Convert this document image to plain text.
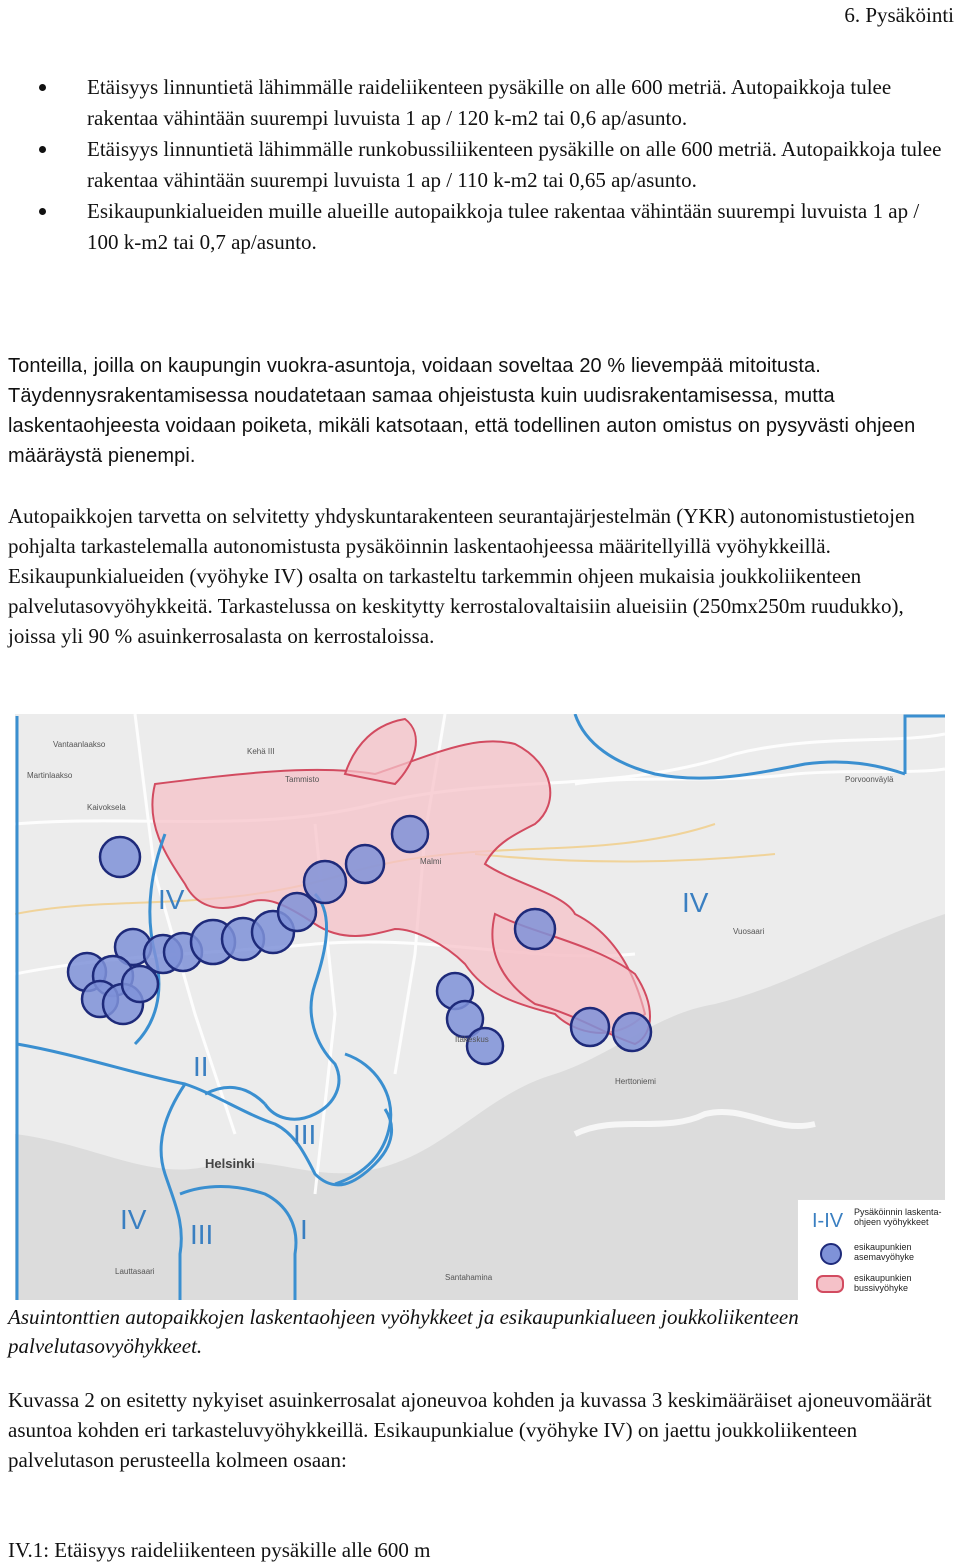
6. Pysäköinti
Etäisyys linnuntietä lähimmälle raideliikenteen pysäkille on alle 600 metriä. Autopaikkoja tulee rakentaa vähintään suurempi luvuista 1 ap / 120 k-m2 tai 0,6 ap/asunto.
Etäisyys linnuntietä lähimmälle runkobussiliikenteen pysäkille on alle 600 metriä. Autopaikkoja tulee rakentaa vähintään suurempi luvuista 1 ap / 110 k-m2 tai 0,65 ap/asunto.
Esikaupunkialueiden muille alueille autopaikkoja tulee rakentaa vähintään suurempi luvuista 1 ap / 100 k-m2 tai 0,7 ap/asunto.

Tonteilla, joilla on kaupungin vuokra-asuntoja, voidaan soveltaa 20 % lievempää mitoitusta. Täydennysrakentamisessa noudatetaan samaa ohjeistusta kuin uudisrakentamisessa, mutta laskentaohjeesta voidaan poiketa, mikäli katsotaan, että todellinen auton omistus on pysyvästi ohjeen määräystä pienempi.

Autopaikkojen tarvetta on selvitetty yhdyskuntarakenteen seurantajärjestelmän (YKR) autonomistustietojen pohjalta tarkastelemalla autonomistusta pysäköinnin laskentaohjeessa määritellyillä vyöhykkeillä. Esikaupunkialueiden (vyöhyke IV) osalta on tarkasteltu tarkemmin ohjeen mukaisia joukkoliikenteen palvelutasovyöhykkeitä. Tarkastelussa on keskitytty kerrostalovaltaisiin alueisiin (250mx250m ruudukko), joissa yli 90 % asuinkerrosalasta on kerrostaloissa.

Vantaanlaakso
Martinlaakso
Kaivoksela
Tammisto
Malmi
Itäkeskus
Vuosaari
Herttoniemi
Lauttasaari
Santahamina
Porvoonväylä
Kehä III
Helsinki
IV	IV
II
III
IV III	I	I-IV Pysäköinnin laskenta-ohjeen vyöhykkeet
esikaupunkien asemavyöhyke
esikaupunkien bussivyöhyke

Asuintonttien autopaikkojen laskentaohjeen vyöhykkeet ja esikaupunkialueen joukkoliikenteen palvelutasovyöhykkeet.

Kuvassa 2 on esitetty nykyiset asuinkerrosalat ajoneuvoa kohden ja kuvassa 3 keskimääräiset ajoneuvomäärät asuntoa kohden eri tarkasteluvyöhykkeillä. Esikaupunkialue (vyöhyke IV) on jaettu joukkoliikenteen palvelutason perusteella kolmeen osaan:

IV.1: Etäisyys raideliikenteen pysäkille alle 600 m
